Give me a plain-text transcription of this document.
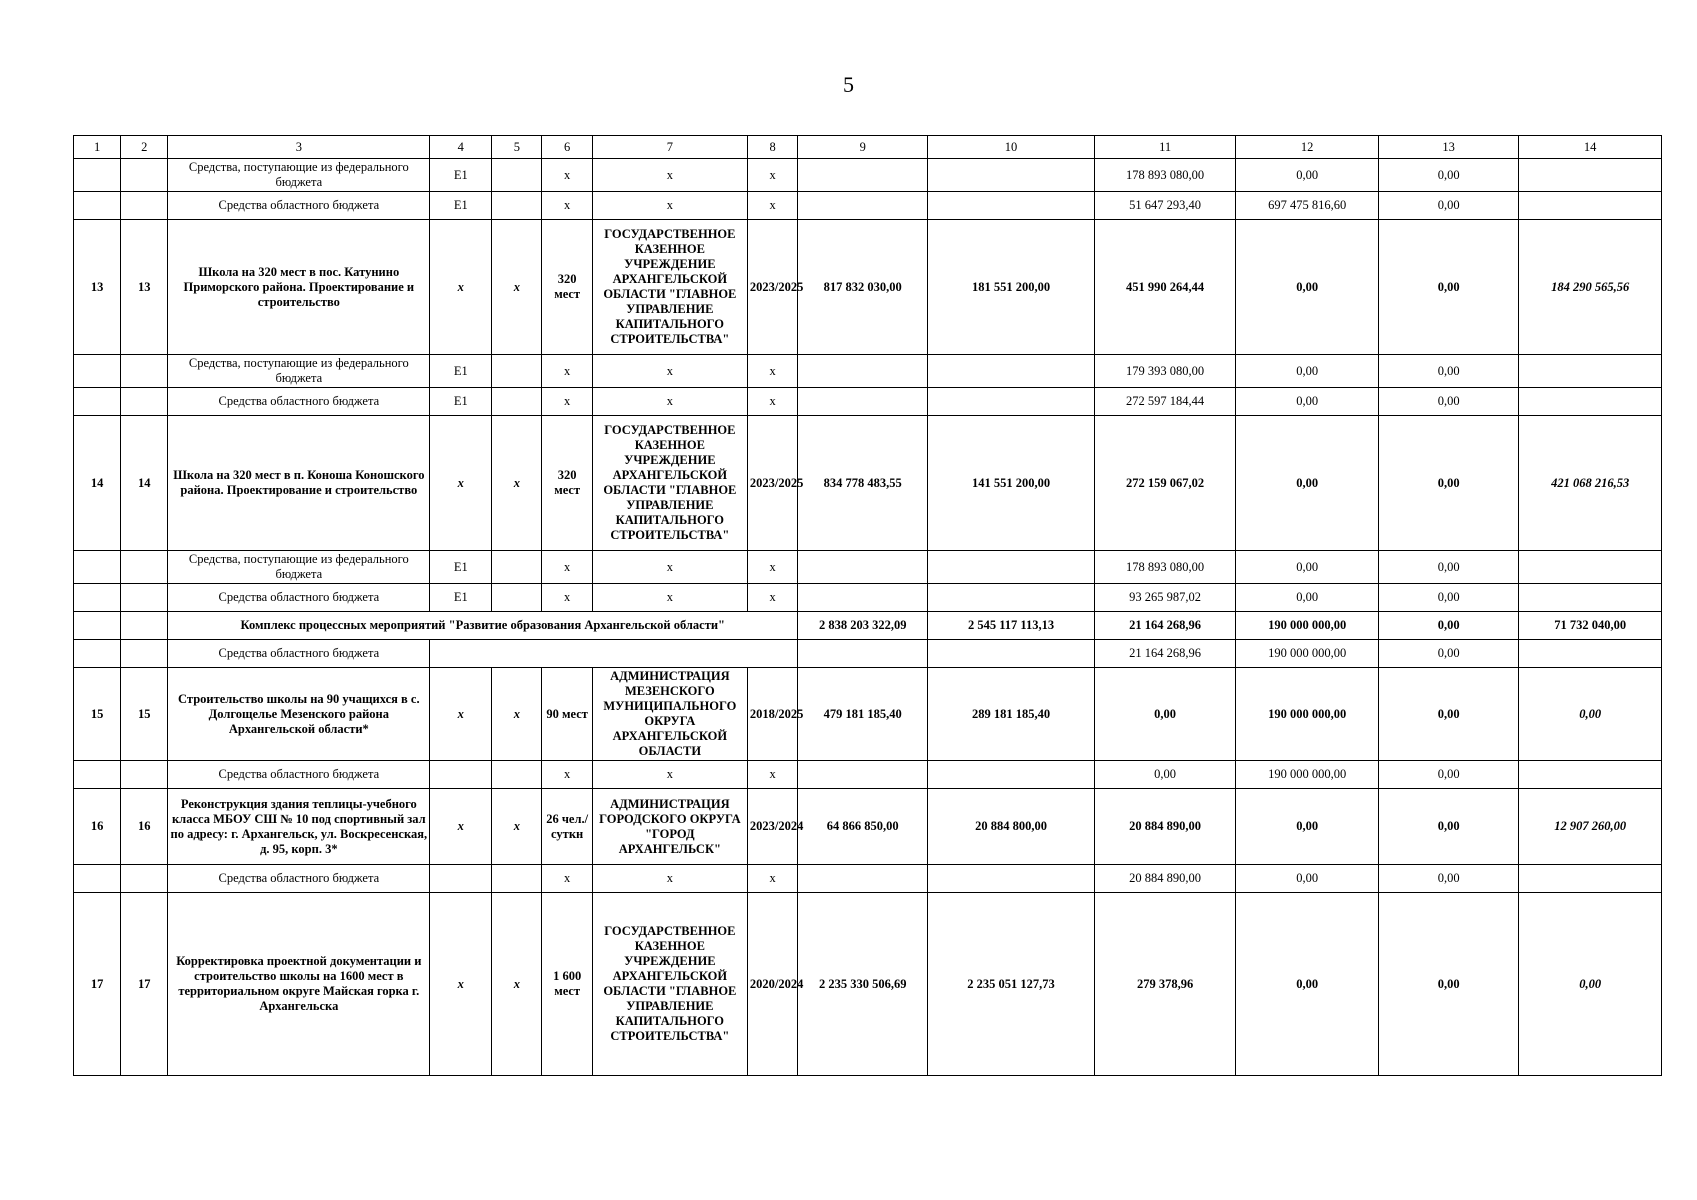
5
1	2	3	4	5	6	7	8	9	10	11	12	13	14
		Средства, поступающие из федерального бюджета	Е1		х	х	х			178 893 080,00	0,00	0,00	
		Средства областного бюджета	Е1		х	х	х			51 647 293,40	697 475 816,60	0,00	
13	13	Школа на 320 мест в пос. Катунино Приморского района. Проектирование и строительство	х	х	320 мест	ГОСУДАРСТВЕННОЕ КАЗЕННОЕ УЧРЕЖДЕНИЕ АРХАНГЕЛЬСКОЙ ОБЛАСТИ "ГЛАВНОЕ УПРАВЛЕНИЕ КАПИТАЛЬНОГО СТРОИТЕЛЬСТВА"	2023/2025	817 832 030,00	181 551 200,00	451 990 264,44	0,00	0,00	184 290 565,56
		Средства, поступающие из федерального бюджета	Е1		х	х	х			179 393 080,00	0,00	0,00	
		Средства областного бюджета	Е1		х	х	х			272 597 184,44	0,00	0,00	
14	14	Школа на 320 мест в п. Коноша Коношского района. Проектирование и строительство	х	х	320 мест	ГОСУДАРСТВЕННОЕ КАЗЕННОЕ УЧРЕЖДЕНИЕ АРХАНГЕЛЬСКОЙ ОБЛАСТИ "ГЛАВНОЕ УПРАВЛЕНИЕ КАПИТАЛЬНОГО СТРОИТЕЛЬСТВА"	2023/2025	834 778 483,55	141 551 200,00	272 159 067,02	0,00	0,00	421 068 216,53
		Средства, поступающие из федерального бюджета	Е1		х	х	х			178 893 080,00	0,00	0,00	
		Средства областного бюджета	Е1		х	х	х			93 265 987,02	0,00	0,00	
		Комплекс процессных мероприятий "Развитие образования Архангельской области"						2 838 203 322,09	2 545 117 113,13	21 164 268,96	190 000 000,00	0,00	71 732 040,00
		Средства областного бюджета								21 164 268,96	190 000 000,00	0,00	
15	15	Строительство школы на 90 учащихся в с. Долгощелье Мезенского района Архангельской области*	х	х	90 мест	АДМИНИСТРАЦИЯ МЕЗЕНСКОГО МУНИЦИПАЛЬНОГО ОКРУГА АРХАНГЕЛЬСКОЙ ОБЛАСТИ	2018/2025	479 181 185,40	289 181 185,40	0,00	190 000 000,00	0,00	0,00
		Средства областного бюджета			х	х	х			0,00	190 000 000,00	0,00	
16	16	Реконструкция здания теплицы-учебного класса МБОУ СШ № 10 под спортивный зал по адресу: г. Архангельск, ул. Воскресенская, д. 95, корп. 3*	х	х	26 чел./суткн	АДМИНИСТРАЦИЯ ГОРОДСКОГО ОКРУГА "ГОРОД АРХАНГЕЛЬСК"	2023/2024	64 866 850,00	20 884 800,00	20 884 890,00	0,00	0,00	12 907 260,00
		Средства областного бюджета			х	х	х			20 884 890,00	0,00	0,00	
17	17	Корректировка проектной документации и строительство школы на 1600 мест в территориальном округе Майская горка г. Архангельска	х	х	1 600 мест	ГОСУДАРСТВЕННОЕ КАЗЕННОЕ УЧРЕЖДЕНИЕ АРХАНГЕЛЬСКОЙ ОБЛАСТИ "ГЛАВНОЕ УПРАВЛЕНИЕ КАПИТАЛЬНОГО СТРОИТЕЛЬСТВА"	2020/2024	2 235 330 506,69	2 235 051 127,73	279 378,96	0,00	0,00	0,00
